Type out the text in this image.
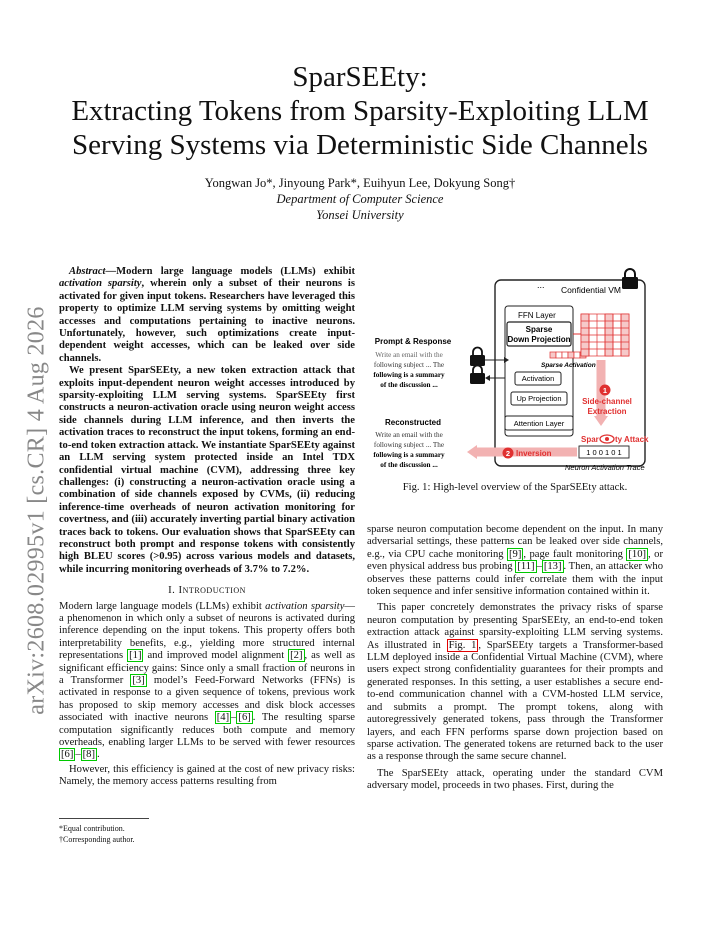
arXiv:2608.02995v1 [cs.CR] 4 Aug 2026
SparSEEty:
Extracting Tokens from Sparsity-Exploiting LLM
Serving Systems via Deterministic Side Channels
Yongwan Jo*, Jinyoung Park*, Euihyun Lee, Dokyung Song†
Department of Computer Science
Yonsei University

Abstract—Modern large language models (LLMs) exhibit activation sparsity, wherein only a subset of their neurons is activated for given input tokens. Researchers have leveraged this property to optimize LLM serving systems by omitting weight accesses and computations pertaining to inactive neurons. Unfortunately, however, such optimizations create input-dependent weight accesses, which can be leaked over side channels.

We present SparSEEty, a new token extraction attack that exploits input-dependent neuron weight accesses introduced by sparsity-exploiting LLM serving systems. SparSEEty first constructs a neuron-activation oracle using neuron weight access side channels during LLM inference, and then inverts the activation traces to reconstruct the input tokens, forming an end-to-end token extraction attack. We instantiate SparSEEty against an LLM serving system protected inside an Intel TDX confidential virtual machine (CVM), addressing three key challenges: (i) constructing a neuron-activation oracle using a combination of side channels exposed by CVMs, (ii) reducing inference-time overheads of neuron activation monitoring for covertness, and (iii) accurately inverting partial binary activation traces back to tokens. Our evaluation shows that SparSEEty can reconstruct both prompt and response tokens with consistently high BLEU scores (>0.95) across various models and datasets, while incurring monitoring overheads of 3.7% to 7.2%.

I. Introduction

Modern large language models (LLMs) exhibit activation sparsity—a phenomenon in which only a subset of neurons is activated during inference depending on the input tokens. This property offers both interpretability benefits, e.g., yielding more structured internal representations [1] and improved model alignment [2] , as well as significant efficiency gains: Since only a small fraction of neurons in a Transformer [3] model’s Feed-Forward Networks (FFNs) is activated in response to a given sequence of tokens, previous work has proposed to skip memory accesses and disk block accesses associated with inactive neurons [4] – [6] . The resulting sparse computation significantly reduces both compute and memory overheads, enabling larger LLMs to be served with fewer resources [6] – [8] .

However, this efficiency is gained at the cost of new privacy risks: Namely, the memory access patterns resulting from

Confidential VM
...
FFN Layer
Sparse
Down Projection
Sparse Activation
Activation
Up Projection
Attention Layer
1
Side-channel
Extraction
Spar ty Attack
1 0 0 1 0 1
Neuron Activation Trace
2 Inversion
Prompt & Response
Write an email with the
following subject ... The
following is a summary
of the discussion ...
Reconstructed
Write an email with the
following subject ... The
following is a summary
of the discussion ...
Fig. 1: High-level overview of the SparSEEty attack.

sparse neuron computation become dependent on the input. In many adversarial settings, these patterns can be leaked over side channels, e.g., via CPU cache monitoring [9] , page fault monitoring [10] , or even physical address bus probing [11] – [13] . Then, an attacker who observes these patterns could infer correlate them with the input token sequence and infer sensitive information contained within it.

This paper concretely demonstrates the privacy risks of sparse neuron computation by presenting SparSEEty, an end-to-end token extraction attack against sparsity-exploiting LLM serving systems. As illustrated in Fig. 1 , SparSEEty targets a Transformer-based LLM deployed inside a Confidential Virtual Machine (CVM), where users expect strong confidentiality guarantees for their prompts and generated responses. In this setting, a user establishes a secure end-to-end communication channel with a CVM-hosted LLM service, and submits a prompt. The prompt tokens, along with autoregressively generated tokens, pass through the Transformer layers, and each FFN performs sparse down projection based on sparse activation. The generated tokens are returned back to the user as a response through the same secure channel.

The SparSEEty attack, operating under the standard CVM adversary model, proceeds in two phases. First, during the

*Equal contribution.
†Corresponding author.
